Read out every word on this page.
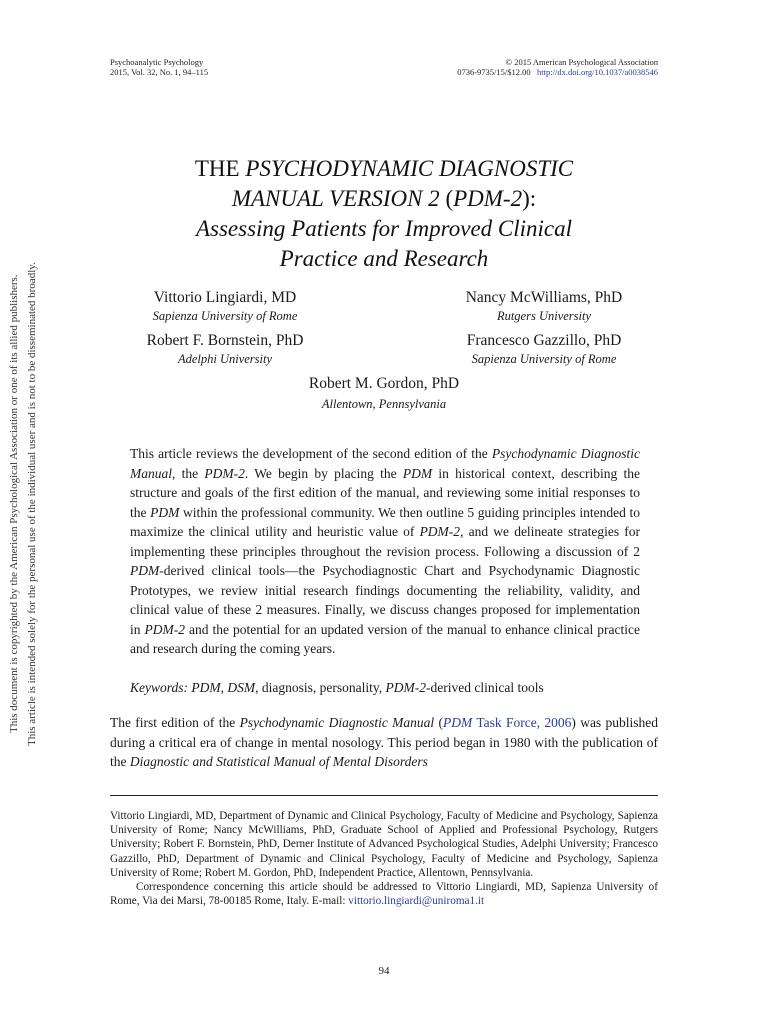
Psychoanalytic Psychology
2015, Vol. 32, No. 1, 94–115
© 2015 American Psychological Association
0736-9735/15/$12.00 http://dx.doi.org/10.1037/a0038546
This document is copyrighted by the American Psychological Association or one of its allied publishers. This article is intended solely for the personal use of the individual user and is not to be disseminated broadly.
THE PSYCHODYNAMIC DIAGNOSTIC
MANUAL VERSION 2 (PDM-2):
Assessing Patients for Improved Clinical
Practice and Research
Vittorio Lingiardi, MD
Sapienza University of Rome
Nancy McWilliams, PhD
Rutgers University
Robert F. Bornstein, PhD
Adelphi University
Francesco Gazzillo, PhD
Sapienza University of Rome
Robert M. Gordon, PhD
Allentown, Pennsylvania
This article reviews the development of the second edition of the Psychodynamic Diagnostic Manual, the PDM-2. We begin by placing the PDM in historical context, describing the structure and goals of the first edition of the manual, and reviewing some initial responses to the PDM within the professional community. We then outline 5 guiding principles intended to maximize the clinical utility and heuristic value of PDM-2, and we delineate strategies for implementing these principles throughout the revision process. Following a discussion of 2 PDM-derived clinical tools—the Psychodiagnostic Chart and Psychodynamic Diagnostic Prototypes, we review initial research findings documenting the reliability, validity, and clinical value of these 2 measures. Finally, we discuss changes proposed for implementation in PDM-2 and the potential for an updated version of the manual to enhance clinical practice and research during the coming years.
Keywords: PDM, DSM, diagnosis, personality, PDM-2-derived clinical tools
The first edition of the Psychodynamic Diagnostic Manual (PDM Task Force, 2006) was published during a critical era of change in mental nosology. This period began in 1980 with the publication of the Diagnostic and Statistical Manual of Mental Disorders

Vittorio Lingiardi, MD, Department of Dynamic and Clinical Psychology, Faculty of Medicine and Psychology, Sapienza University of Rome; Nancy McWilliams, PhD, Graduate School of Applied and Professional Psychology, Rutgers University; Robert F. Bornstein, PhD, Derner Institute of Advanced Psychological Studies, Adelphi University; Francesco Gazzillo, PhD, Department of Dynamic and Clinical Psychology, Faculty of Medicine and Psychology, Sapienza University of Rome; Robert M. Gordon, PhD, Independent Practice, Allentown, Pennsylvania.

Correspondence concerning this article should be addressed to Vittorio Lingiardi, MD, Sapienza University of Rome, Via dei Marsi, 78-00185 Rome, Italy. E-mail: vittorio.lingiardi@uniroma1.it

94
